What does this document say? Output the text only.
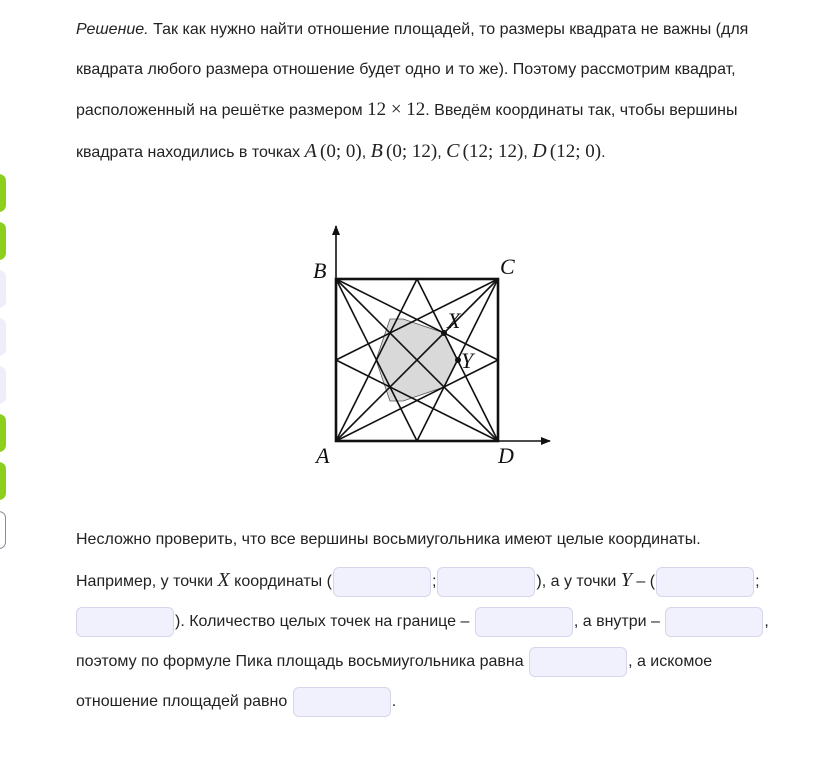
Решение. Так как нужно найти отношение площадей, то размеры квадрата не важны (для

квадрата любого размера отношение будет одно и то же). Поэтому рассмотрим квадрат,

расположенный на решётке размером 12 × 12. Введём координаты так, чтобы вершины

квадрата находились в точках A  (0; 0), B  (0; 12), C  (12; 12), D  (12; 0).

B	C
A	D
X
Y

Несложно проверить, что все вершины восьмиугольника имеют целые координаты.

Например, у точки X координаты (	;	), а у точки Y – (	;

). Количество целых точек на границе –	, а внутри –	,

поэтому по формуле Пика площадь восьмиугольника равна	, а искомое

отношение площадей равно	.
